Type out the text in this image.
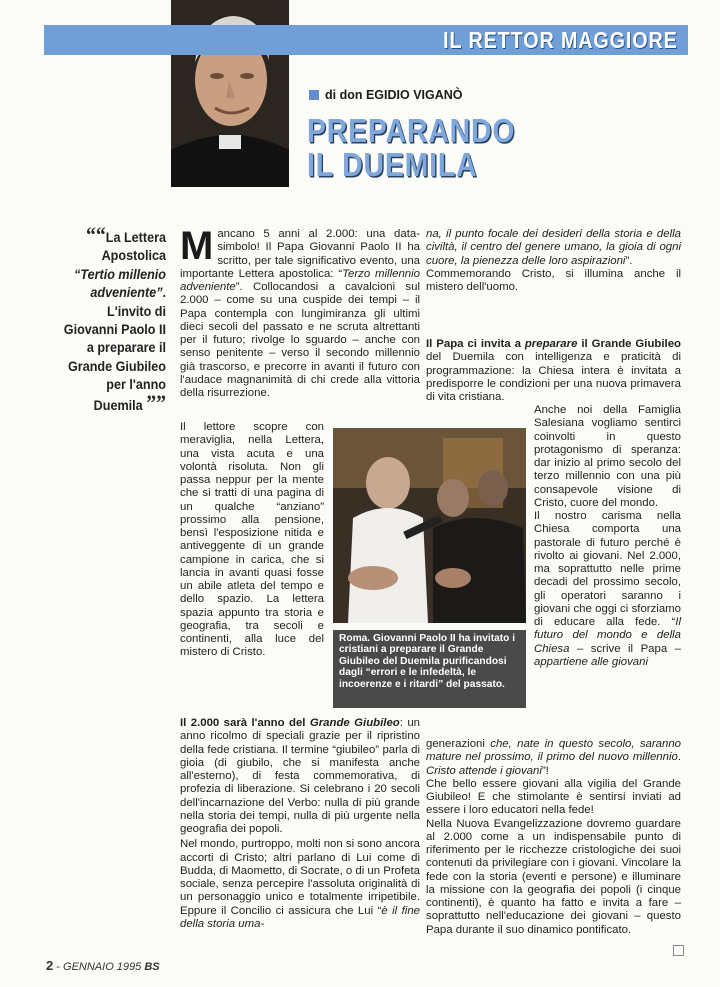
IL RETTOR MAGGIORE
di don EGIDIO VIGANÒ
PREPARANDO
IL DUEMILA
““La Lettera Apostolica “Tertio millenio adveniente”. L'invito di Giovanni Paolo II a preparare il Grande Giubileo per l'anno Duemila ””

Mancano 5 anni al 2.000: una data-simbolo! Il Papa Giovanni Paolo II ha scritto, per tale significativo evento, una importante Lettera apostolica: “Terzo millennio adveniente”. Collocandosi a cavalcioni sul 2.000 – come su una cuspide dei tempi – il Papa contempla con lungimiranza gli ultimi dieci secoli del passato e ne scruta altrettanti per il futuro; rivolge lo sguardo – anche con senso penitente – verso il secondo millennio già trascorso, e precorre in avanti il futuro con l'audace magnanimità di chi crede alla vittoria della risurrezione.

Il lettore scopre con meraviglia, nella Lettera, una vista acuta e una volontà risoluta. Non gli passa neppur per la mente che si tratti di una pagina di un qualche “anziano” prossimo alla pensione, bensì l'esposizione nitida e antiveggente di un grande campione in carica, che si lancia in avanti quasi fosse un abile atleta del tempo e dello spazio. La lettera spazia appunto tra storia e geografia, tra secoli e continenti, alla luce del mistero di Cristo.

Roma. Giovanni Paolo II ha invitato i cristiani a preparare il Grande Giubileo del Duemila purificandosi dagli “errori e le infedeltà, le incoerenze e i ritardi” del passato.

Il 2.000 sarà l'anno del Grande Giubileo: un anno ricolmo di speciali grazie per il ripristino della fede cristiana. Il termine “giubileo” parla di gioia (di giubilo, che si manifesta anche all'esterno), di festa commemorativa, di profezia di liberazione. Si celebrano i 20 secoli dell'incarnazione del Verbo: nulla di più grande nella storia dei tempi, nulla di più urgente nella geografia dei popoli.

Nel mondo, purtroppo, molti non si sono ancora accorti di Cristo; altri parlano di Lui come di Budda, di Maometto, di Socrate, o di un Profeta sociale, senza percepire l'assoluta originalità di un personaggio unico e totalmente irripetibile. Eppure il Concilio ci assicura che Lui “è il fine della storia uma-

na, il punto focale dei desideri della storia e della civiltà, il centro del genere umano, la gioia di ogni cuore, la pienezza delle loro aspirazioni”.

Commemorando Cristo, si illumina anche il mistero dell'uomo.

Il Papa ci invita a preparare il Grande Giubileo del Duemila con intelligenza e praticità di programmazione: la Chiesa intera è invitata a predisporre le condizioni per una nuova primavera di vita cristiana.

Anche noi della Famiglia Salesiana vogliamo sentirci coinvolti in questo protagonismo di speranza: dar inizio al primo secolo del terzo millennio con una più consapevole visione di Cristo, cuore del mondo.

Il nostro carisma nella Chiesa comporta una pastorale di futuro perché è rivolto ai giovani. Nel 2.000, ma soprattutto nelle prime decadi del prossimo secolo, gli operatori saranno i giovani che oggi ci sforziamo di educare alla fede. “Il futuro del mondo e della Chiesa – scrive il Papa – appartiene alle giovani

generazioni che, nate in questo secolo, saranno mature nel prossimo, il primo del nuovo millennio. Cristo attende i giovani”!

Che bello essere giovani alla vigilia del Grande Giubileo! E che stimolante è sentirsi inviati ad essere i loro educatori nella fede!

Nella Nuova Evangelizzazione dovremo guardare al 2.000 come a un indispensabile punto di riferimento per le ricchezze cristologiche dei suoi contenuti da privilegiare con i giovani. Vincolare la fede con la storia (eventi e persone) e illuminare la missione con la geografia dei popoli (i cinque continenti), è quanto ha fatto e invita a fare – soprattutto nell'educazione dei giovani – questo Papa durante il suo dinamico pontificato.

2 - GENNAIO 1995 BS
